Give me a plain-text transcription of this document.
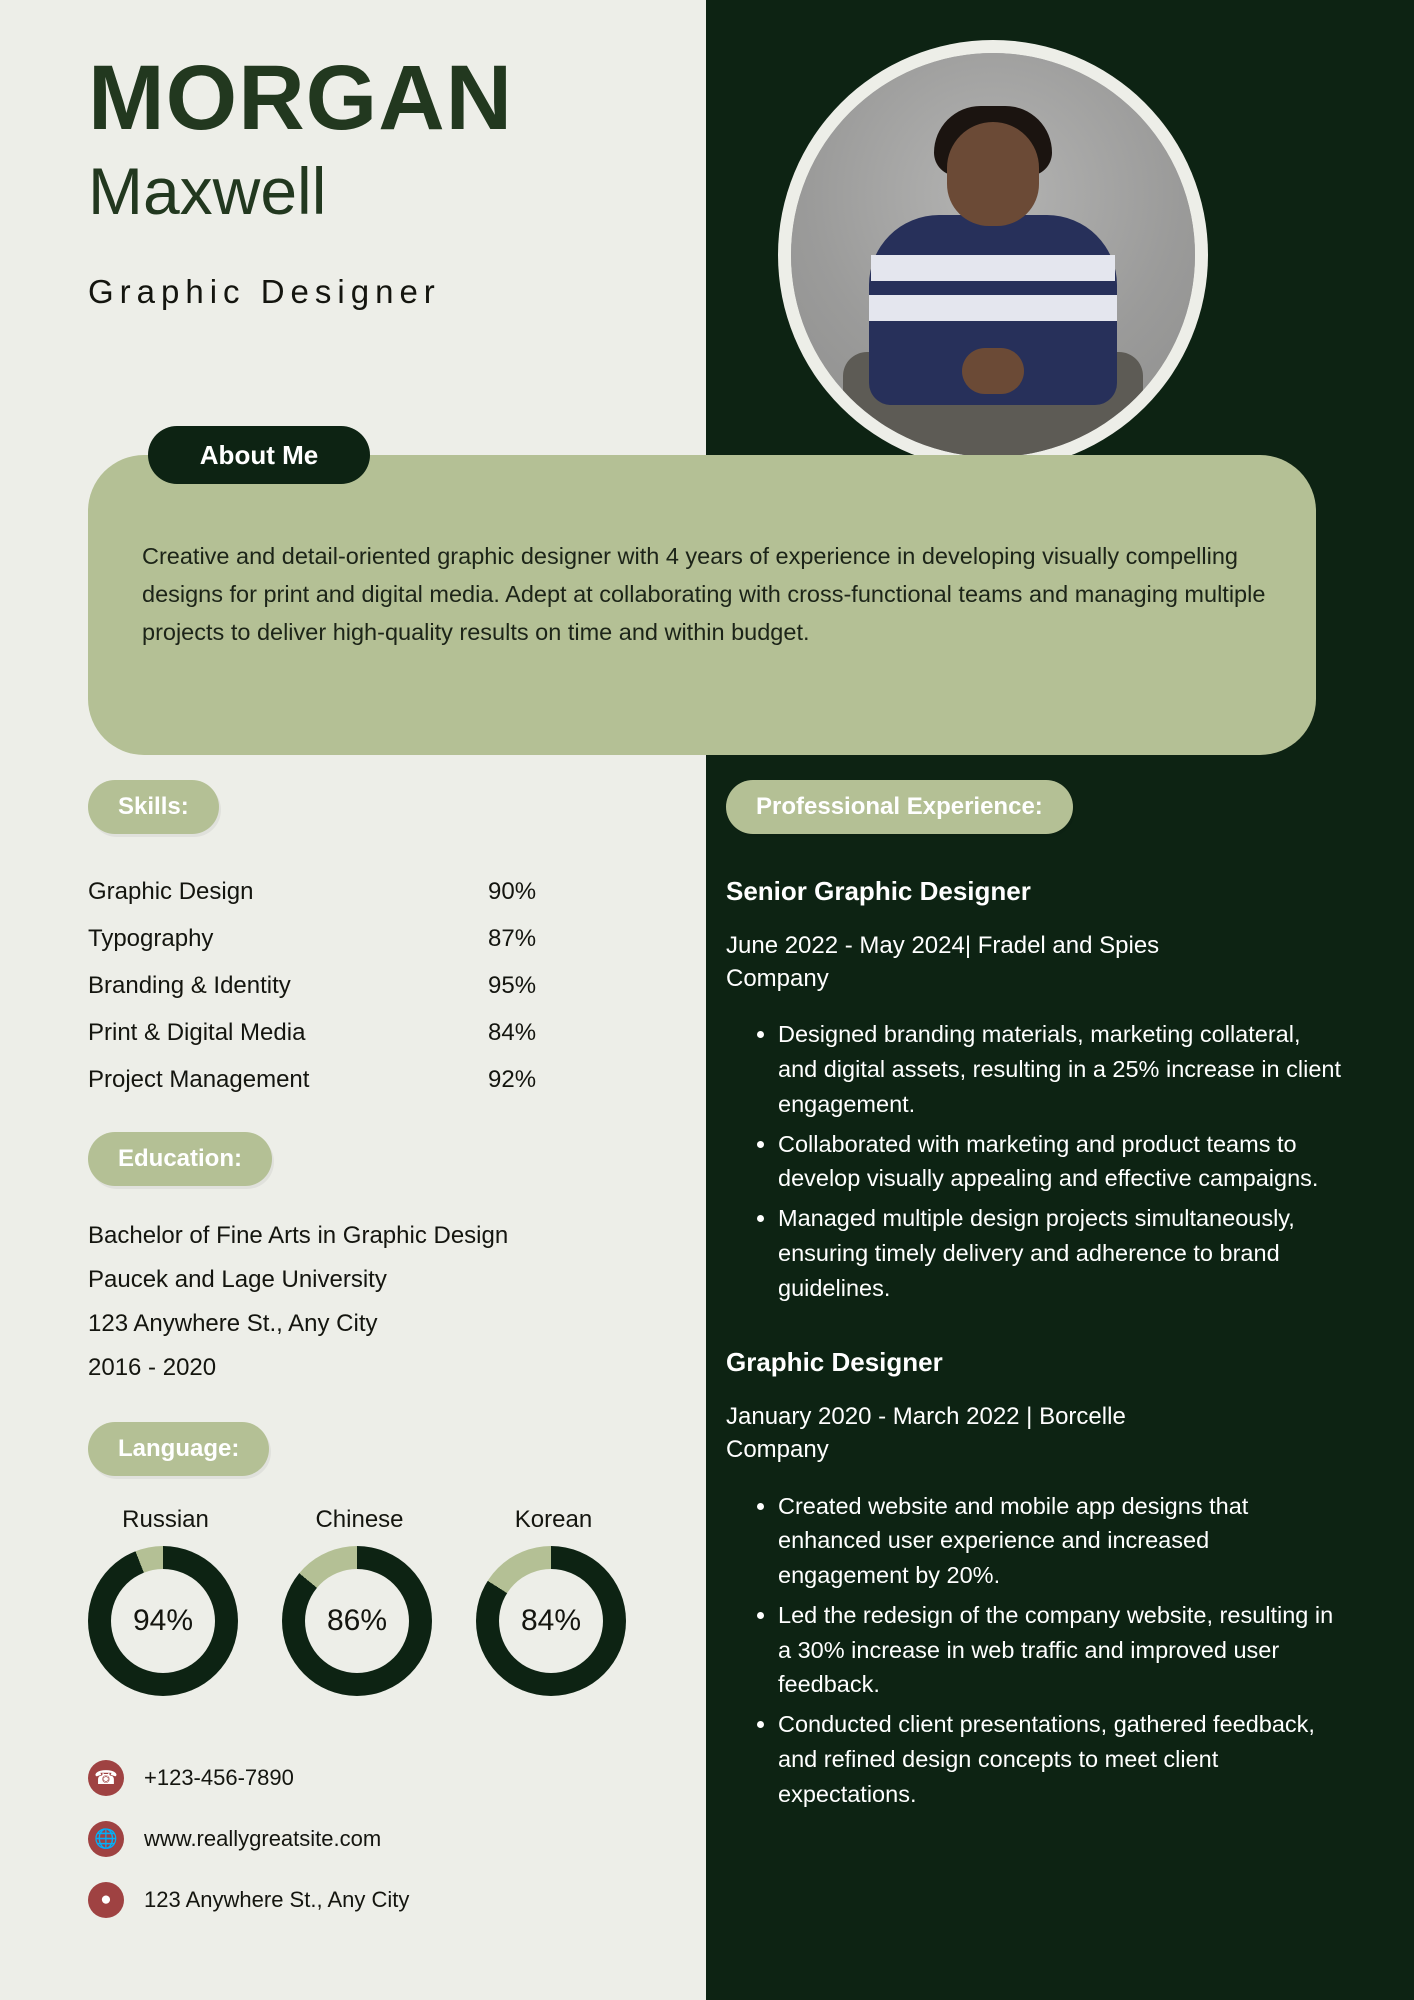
MORGAN
Maxwell
Graphic Designer
About Me
Creative and detail-oriented graphic designer with 4 years of experience in developing visually compelling designs for print and digital media. Adept at collaborating with cross-functional teams and managing multiple projects to deliver high-quality results on time and within budget.
Skills:
Graphic Design	90%
Typography	87%
Branding & Identity	95%
Print & Digital Media	84%
Project Management	92%
Education:
Bachelor of Fine Arts in Graphic Design
Paucek and Lage University
123 Anywhere St., Any City
2016 - 2020
Language:
Russian
94%
Chinese
86%
Korean
84%
☎ +123-456-7890
🌐 www.reallygreatsite.com
●	123 Anywhere St., Any City
Professional Experience:
Senior Graphic Designer
June 2022 - May 2024| Fradel and Spies Company
• Designed branding materials, marketing collateral, and digital assets, resulting in a 25% increase in client engagement.
• Collaborated with marketing and product teams to develop visually appealing and effective campaigns.
• Managed multiple design projects simultaneously, ensuring timely delivery and adherence to brand guidelines.
Graphic Designer
January 2020 - March 2022 | Borcelle Company
• Created website and mobile app designs that enhanced user experience and increased engagement by 20%.
• Led the redesign of the company website, resulting in a 30% increase in web traffic and improved user feedback.
• Conducted client presentations, gathered feedback, and refined design concepts to meet client expectations.
